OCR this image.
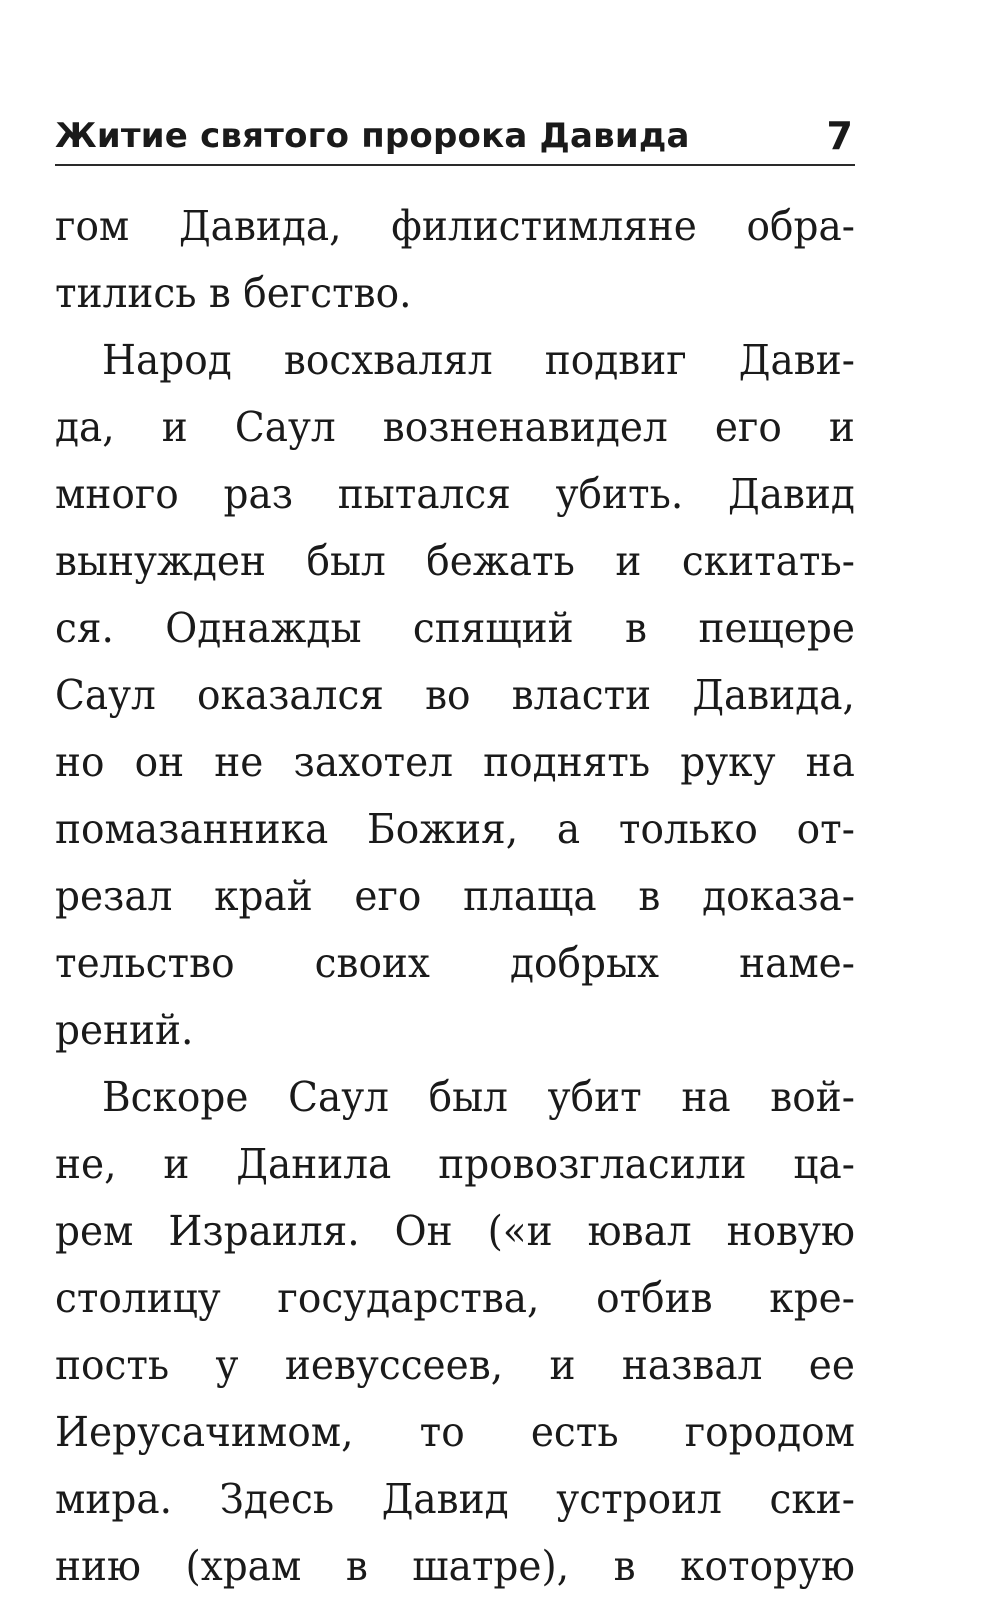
Житие святого пророка Давида	7
гом Давида, филистимляне обра-
тились в бегство.
Народ восхвалял подвиг Дави-
да, и Саул возненавидел его и
много раз пытался убить. Давид
вынужден был бежать и скитать-
ся. Однажды спящий в пещере
Саул оказался во власти Давида,
но он не захотел поднять руку на
помазанника Божия, а только от-
резал край его плаща в доказа-
тельство своих добрых наме-
рений.
Вскоре Саул был убит на вой-
не, и Данила провозгласили ца-
рем Израиля. Он («и ювал новую
столицу государства, отбив кре-
пость у иевуссеев, и назвал ее
Иерусачимом, то есть городом
мира. Здесь Давид устроил ски-
нию (храм в шатре), в которую
